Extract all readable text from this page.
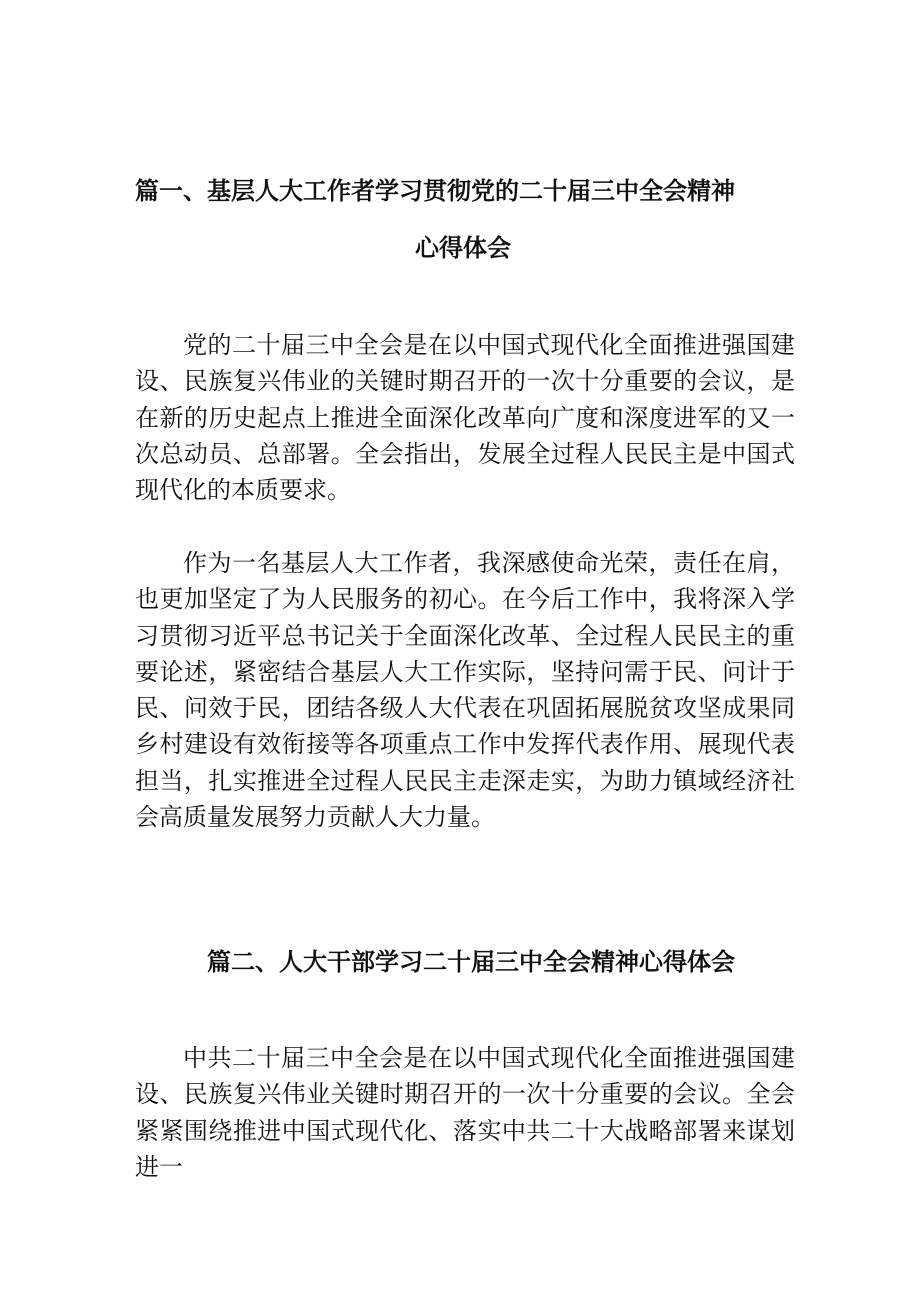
篇一、基层人大工作者学习贯彻党的二十届三中全会精神
心得体会

党的二十届三中全会是在以中国式现代化全面推进强国建设、民族复兴伟业的关键时期召开的一次十分重要的会议，是在新的历史起点上推进全面深化改革向广度和深度进军的又一次总动员、总部署。全会指出，发展全过程人民民主是中国式现代化的本质要求。

作为一名基层人大工作者，我深感使命光荣，责任在肩，也更加坚定了为人民服务的初心。在今后工作中，我将深入学习贯彻习近平总书记关于全面深化改革、全过程人民民主的重要论述，紧密结合基层人大工作实际，坚持问需于民、问计于民、问效于民，团结各级人大代表在巩固拓展脱贫攻坚成果同乡村建设有效衔接等各项重点工作中发挥代表作用、展现代表担当，扎实推进全过程人民民主走深走实，为助力镇域经济社会高质量发展努力贡献人大力量。

篇二、人大干部学习二十届三中全会精神心得体会

中共二十届三中全会是在以中国式现代化全面推进强国建设、民族复兴伟业关键时期召开的一次十分重要的会议。全会紧紧围绕推进中国式现代化、落实中共二十大战略部署来谋划进一
